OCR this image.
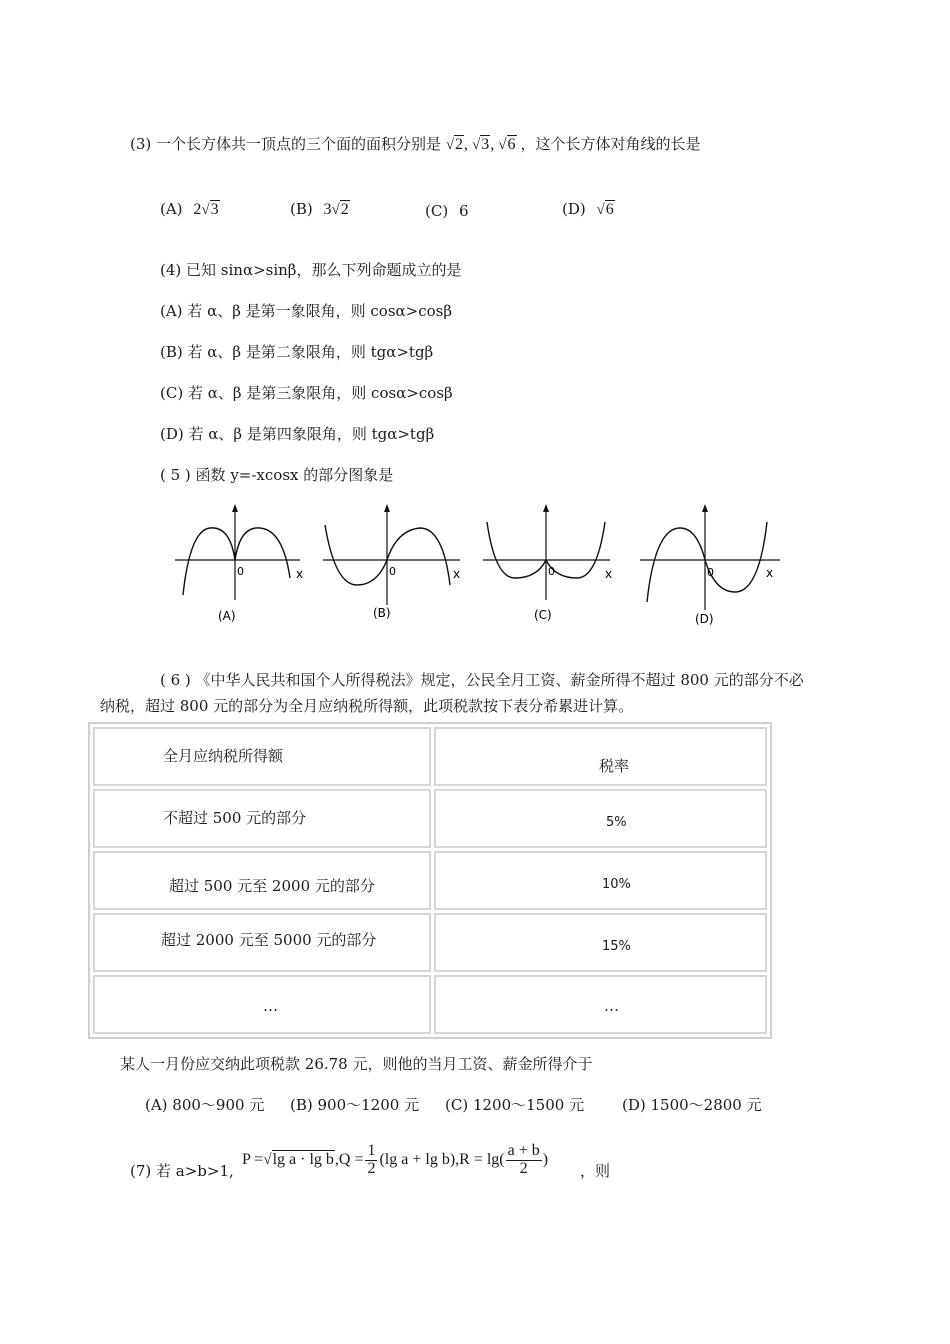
(3) 一个长方体共一顶点的三个面的面积分别是 √2, √3, √6 ，这个长方体对角线的长是
(A) 2√3	(B) 3√2	(C) 6	(D) √6
(4) 已知 sinα>sinβ，那么下列命题成立的是
(A) 若 α、β 是第一象限角，则 cosα>cosβ
(B) 若 α、β 是第二象限角，则 tgα>tgβ
(C) 若 α、β 是第三象限角，则 cosα>cosβ
(D) 若 α、β 是第四象限角，则 tgα>tgβ
( 5 ) 函数 y=-xcosx 的部分图象是
0	x
(A)
0	x
(B)
0	x
(C)
0	x
(D)
( 6 ) 《中华人民共和国个人所得税法》规定，公民全月工资、薪金所得不超过 800 元的部分不必
纳税，超过 800 元的部分为全月应纳税所得额，此项税款按下表分希累进计算。
全月应纳税所得额	税率

不超过 500 元的部分	5%

超过 500 元至 2000 元的部分	10%

超过 2000 元至 5000 元的部分	15%

…	…
某人一月份应交纳此项税款 26.78 元，则他的当月工资、薪金所得介于
(A) 800～900 元 (B) 900～1200 元 (C) 1200～1500 元	(D) 1500～2800 元
(7) 若 a>b>1,
P = √lg a · lg b $,Q = \frac{1}{2} (\lg$ a + lg b),R = lg(
a + b
2 )
，则
